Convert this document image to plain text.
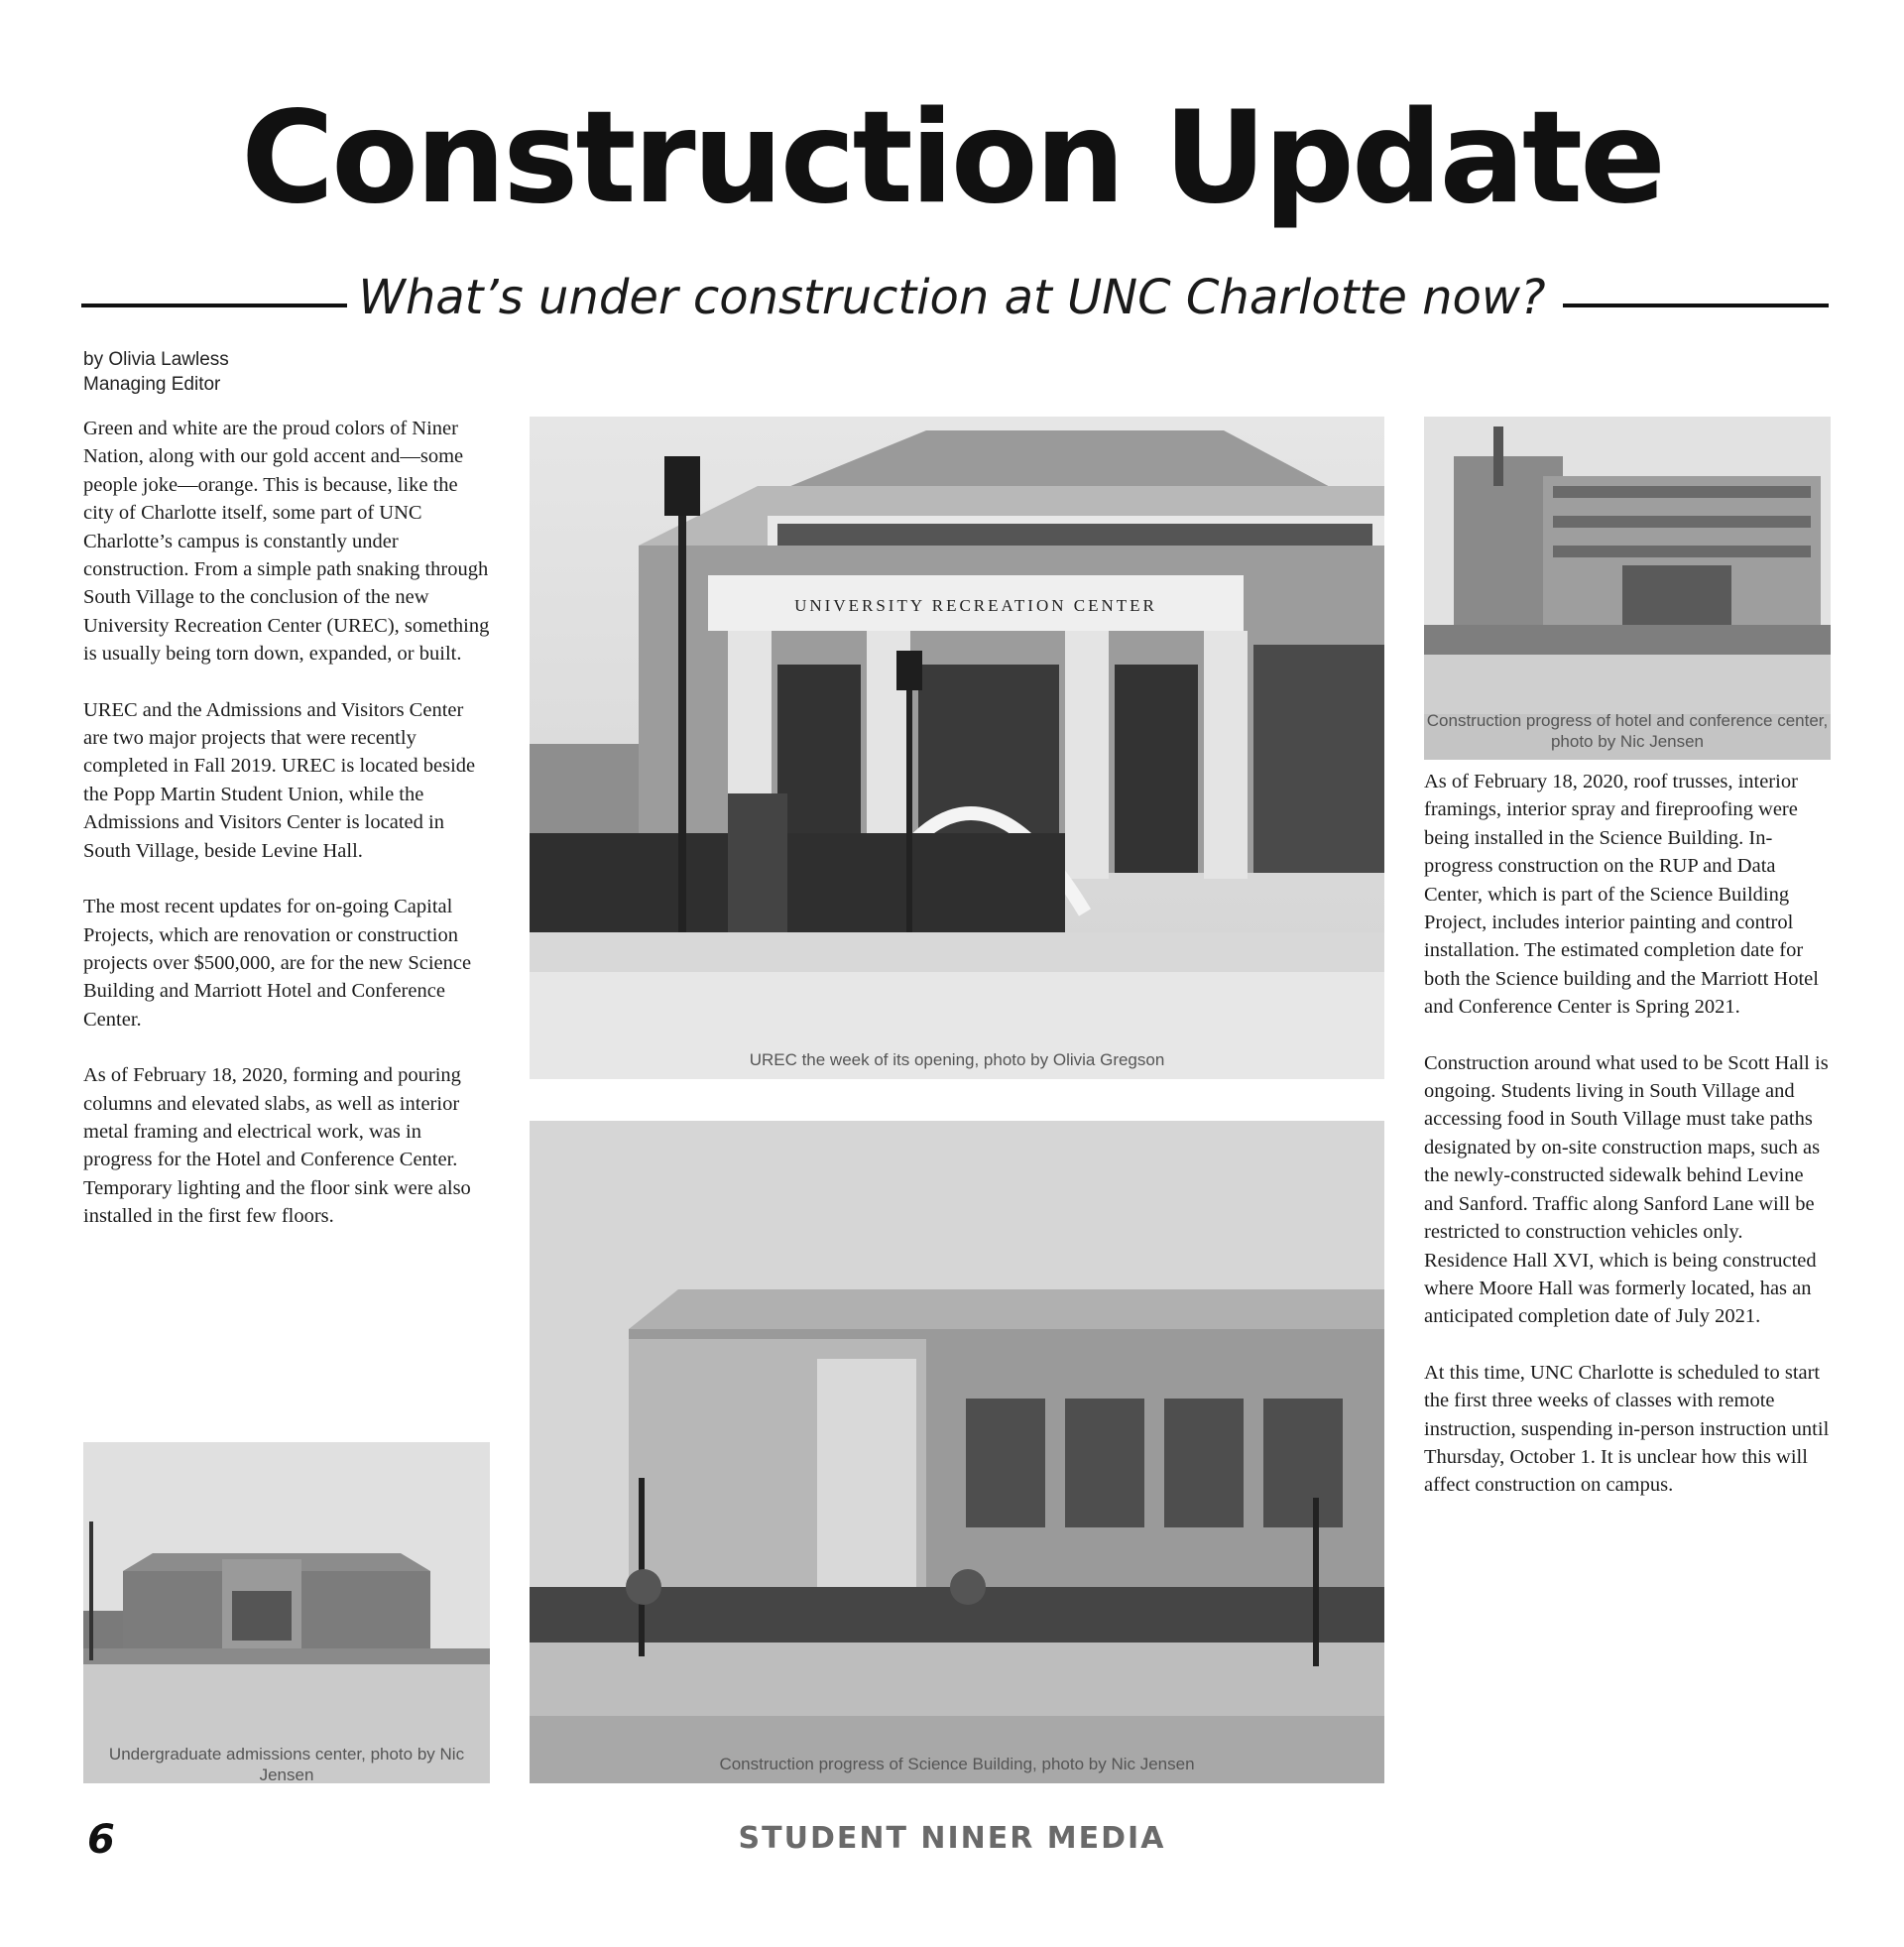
Construction Update
What’s under construction at UNC Charlotte now?
by Olivia Lawless
Managing Editor

Green and white are the proud colors of Niner Nation, along with our gold accent and—some people joke—orange. This is because, like the city of Charlotte itself, some part of UNC Charlotte’s campus is constantly under construction. From a simple path snaking through South Village to the conclusion of the new University Recreation Center (UREC), something is usually being torn down, expanded, or built.

UREC and the Admissions and Visitors Center are two major projects that were recently completed in Fall 2019. UREC is located beside the Popp Martin Student Union, while the Admissions and Visitors Center is located in South Village, beside Levine Hall.

The most recent updates for on-going Capital Projects, which are renovation or construction projects over $500,000, are for the new Science Building and Marriott Hotel and Conference Center.

As of February 18, 2020, forming and pouring columns and elevated slabs, as well as interior metal framing and electrical work, was in progress for the Hotel and Conference Center. Temporary lighting and the floor sink were also installed in the first few floors.

As of February 18, 2020, roof trusses, interior framings, interior spray and fireproofing were being installed in the Science Building. In-progress construction on the RUP and Data Center, which is part of the Science Building Project, includes interior painting and control installation. The estimated completion date for both the Science building and the Marriott Hotel and Conference Center is Spring 2021.

Construction around what used to be Scott Hall is ongoing. Students living in South Village and accessing food in South Village must take paths designated by on-site construction maps, such as the newly-constructed sidewalk behind Levine and Sanford. Traffic along Sanford Lane will be restricted to construction vehicles only. Residence Hall XVI, which is being constructed where Moore Hall was formerly located, has an anticipated completion date of July 2021.

At this time, UNC Charlotte is scheduled to start the first three weeks of classes with remote instruction, suspending in-person instruction until Thursday, October 1. It is unclear how this will affect construction on campus.

UNIVERSITY RECREATION CENTER
UREC the week of its opening, photo by Olivia Gregson
Construction progress of hotel and conference center, photo by Nic Jensen
Construction progress of Science Building, photo by Nic Jensen
Undergraduate admissions center, photo by Nic Jensen
6	STUDENT NINER MEDIA
